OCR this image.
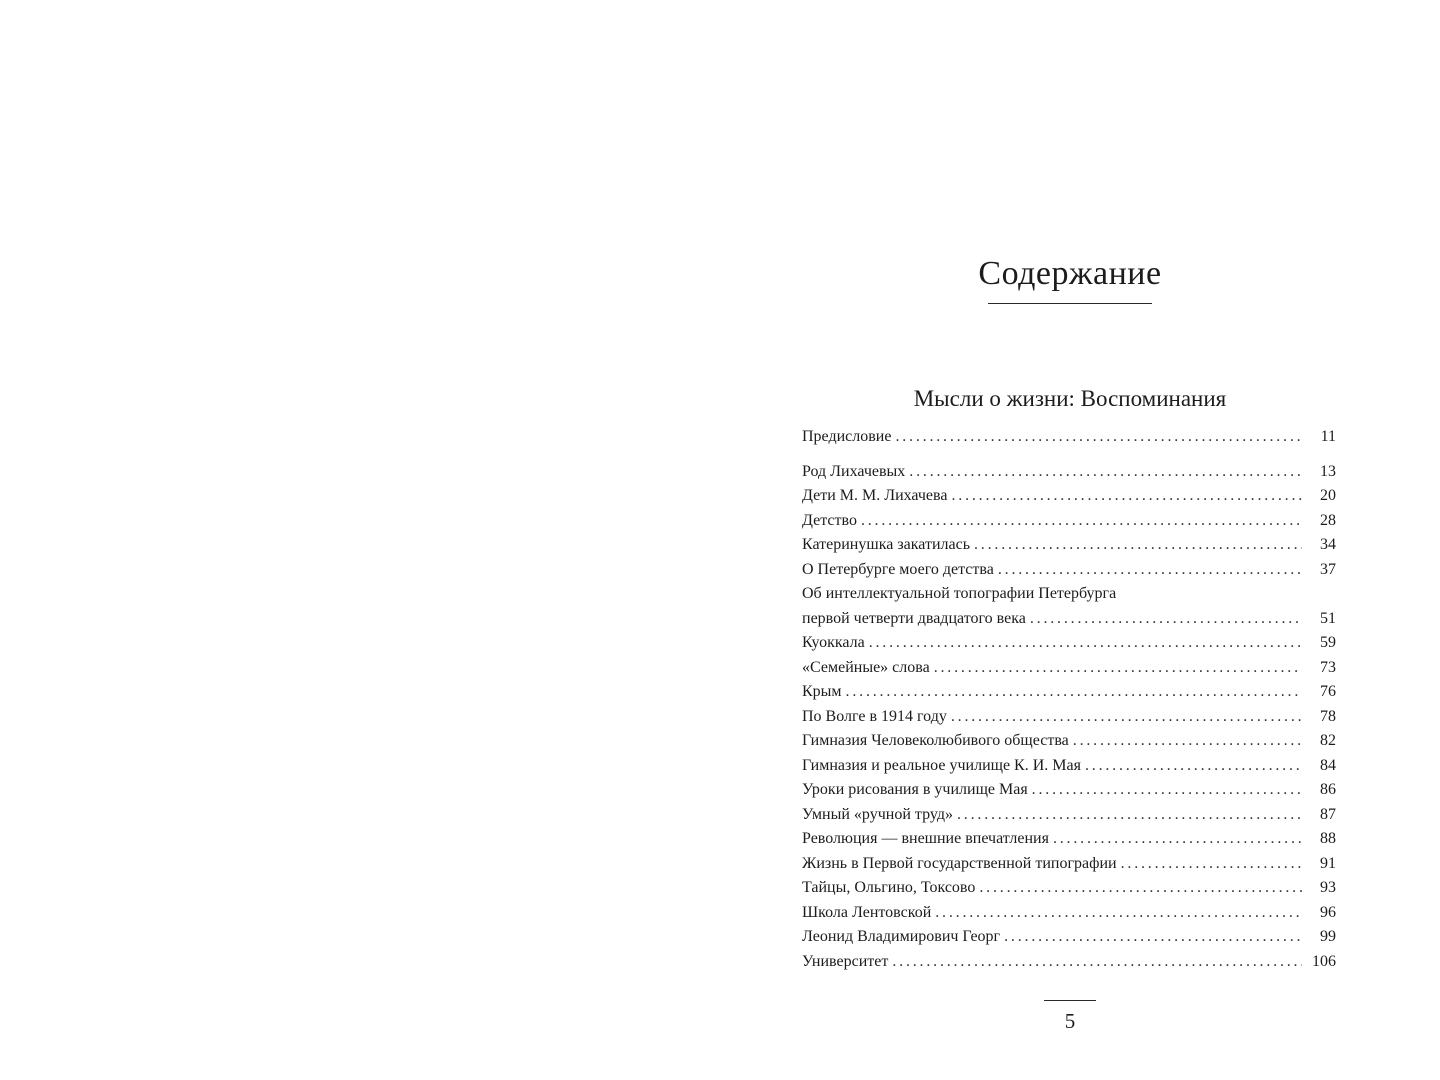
Содержание
Мысли о жизни: Воспоминания
Предисловие . . .	11
Род Лихачевых . . .	13
Дети М. М. Лихачева . . .	20
Детство . . .	28
Катеринушка закатилась . . .	34
О Петербурге моего детства . . .	37
Об интеллектуальной топографии Петербурга
первой четверти двадцатого века . . .	51
Куоккала . . .	59
«Семейные» слова . . .	73
Крым . . .	76
По Волге в 1914 году . . .	78
Гимназия Человеколюбивого общества . . .	82
Гимназия и реальное училище К. И. Мая . . .	84
Уроки рисования в училище Мая . . .	86
Умный «ручной труд» . . .	87
Революция — внешние впечатления . . .	88
Жизнь в Первой государственной типографии . . .	91
Тайцы, Ольгино, Токсово . . .	93
Школа Лентовской . . .	96
Леонид Владимирович Георг . . .	99
Университет . . .	106
5
